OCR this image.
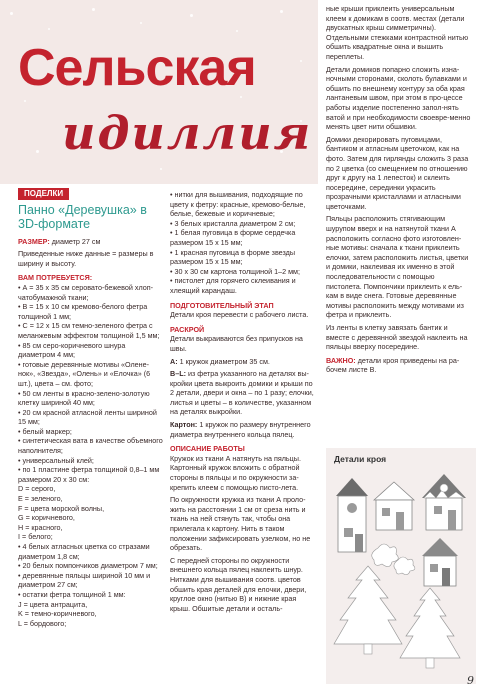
Сельская
идиллия
ПОДЕЛКИ
Панно «Деревушка» в 3D-формате

РАЗМЕР: диаметр 27 см

Приведенные ниже данные = размеры в ширину и высоту.

ВАМ ПОТРЕБУЕТСЯ:

• А = 35 x 35 см серовато-бежевой хлоп-чатобумажной ткани;

• В = 15 x 10 см кремово-белого фетра толщиной 1 мм;

• С = 12 x 15 см темно-зеленого фетра с меланжевым эффектом толщиной 1,5 мм;

• 85 см серо-коричневого шнура диаметром 4 мм;

• готовые деревянные мотивы «Олене-нок», «Звезда», «Олень» и «Елочка» (6 шт.), цвета – см. фото;

• 50 см ленты в красно-зелено-золотую клетку шириной 40 мм;

• 20 см красной атласной ленты шириной 15 мм;

• белый маркер;

• синтетическая вата в качестве объемного наполнителя;

• универсальный клей;

• по 1 пластине фетра толщиной 0,8–1 мм размером 20 x 30 см:

D = серого,

E = зеленого,

F = цвета морской волны,

G = коричневого,

H = красного,

I = белого;

• 4 белых атласных цветка со стразами диаметром 1,8 см;

• 20 белых помпончиков диаметром 7 мм;

• деревянные пяльцы шириной 10 мм и диаметром 27 см;

• остатки фетра толщиной 1 мм:

J = цвета антрацита,

K = темно-коричневого,

L = бордового;

• нитки для вышивания, подходящие по цвету к фетру: красные, кремово-белые, белые, бежевые и коричневые;

• 3 белых кристалла диаметром 2 см;

• 1 белая пуговица в форме сердечка размером 15 x 15 мм;

• 1 красная пуговица в форме звезды размером 15 x 15 мм;

• 30 x 30 см картона толщиной 1–2 мм;

• пистолет для горячего склеивания и хлеящий карандаш.

ПОДГОТОВИТЕЛЬНЫЙ ЭТАП

Детали кроя перевести с рабочего листа.

РАСКРОЙ

Детали выкраиваются без припусков на швы.

А: 1 кружок диаметром 35 см.

B–L: из фетра указанного на деталях вы-кройки цвета выкроить домики и крыши по 2 детали, двери и окна – по 1 разу; елочки, листья и цветы – в количестве, указанном на деталях выкройки.

Картон: 1 кружок по размеру внутреннего диаметра внутреннего кольца пялец.

ОПИСАНИЕ РАБОТЫ

Кружок из ткани А натянуть на пяльцы. Картонный кружок вложить с обратной стороны в пяльцы и по окружности за-крепить клеем с помощью писто-лета.

По окружности кружка из ткани А проло-жить на расстоянии 1 см от среза нить и ткань на ней стянуть так, чтобы она прилегала к картону. Нить в таком положении зафиксировать узелком, но не обрезать.

С передней стороны по окружности внешнего кольца пялец наклеить шнур. Нитками для вышивания соотв. цветов обшить края деталей для елочки, двери, круглое окно (нитью В) и нижние края крыш. Обшитые детали и осталь-

ные крыши приклеить универсальным клеем к домикам в соотв. местах (детали двускатных крыш симметричны). Отдельными стежками контрастной нитью обшить квадратные окна и вышить переплеты.

Детали домиков попарно сложить изна-ночными сторонами, сколоть булавками и обшить по внешнему контуру за оба края лантаневым швом, при этом в про-цессе работы изделие постепенно запол-нять ватой и при необходимости своевре-менно менять цвет нити обшивки.

Домики декорировать пуговицами, бантиком и атласным цветочком, как на фото. Затем для гирлянды сложить 3 раза по 2 цветка (со смещением по отношению друг к другу на 1 лепесток) и склеить посередине, серединки украсить прозрачными кристаллами и атласными цветочками.

Пяльцы расположить стягивающим шурупом вверх и на натянутой ткани А расположить согласно фото изготовлен-ные мотивы: сначала к ткани приклеить елочки, затем расположить листья, цветки и домики, наклеивая их именно в этой последовательности с помощью пистолета. Помпончики приклеить к ель-кам в виде снега. Готовые деревянные мотивы расположить между мотивами из фетра и приклеить.

Из ленты в клетку завязать бантик и вместе с деревянной звездой наклеить на пяльцы вверху посередине.

ВАЖНО: детали кроя приведены на ра-бочем листе B.

Детали кроя
9
